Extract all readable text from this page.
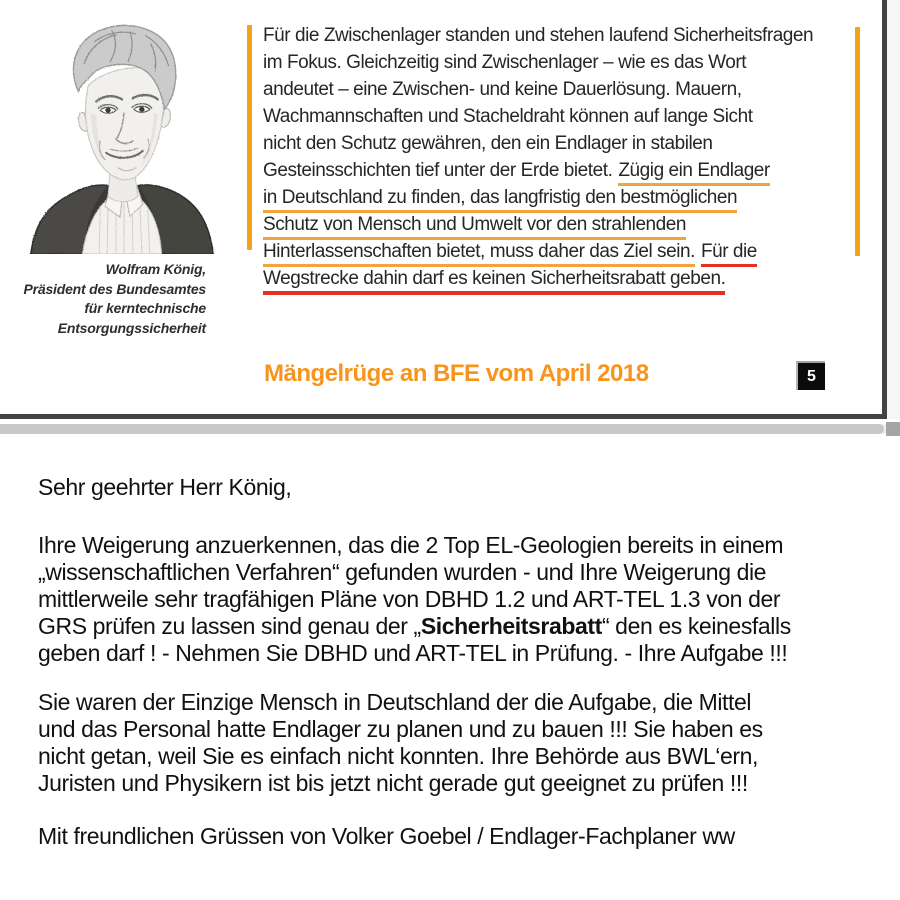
Wolfram König,
Präsident des Bundesamtes
für kerntechnische
Entsorgungssicherheit
Für die Zwischenlager standen und stehen laufend Sicherheitsfragen
im Fokus. Gleichzeitig sind Zwischenlager – wie es das Wort
andeutet – eine Zwischen- und keine Dauerlösung. Mauern,
Wachmannschaften und Stacheldraht können auf lange Sicht
nicht den Schutz gewähren, den ein Endlager in stabilen
Gesteinsschichten tief unter der Erde bietet. Zügig ein Endlager
in Deutschland zu finden, das langfristig den bestmöglichen
Schutz von Mensch und Umwelt vor den strahlenden
Hinterlassenschaften bietet, muss daher das Ziel sein. Für die
Wegstrecke dahin darf es keinen Sicherheitsrabatt geben.
Mängelrüge an BFE vom April 2018	5
Sehr geehrter Herr König,
Ihre Weigerung anzuerkennen, das die 2 Top EL-Geologien bereits in einem
„wissenschaftlichen Verfahren“ gefunden wurden - und Ihre Weigerung die
mittlerweile sehr tragfähigen Pläne von DBHD 1.2 und ART-TEL 1.3 von der
GRS prüfen zu lassen sind genau der „Sicherheitsrabatt“ den es keinesfalls
geben darf ! - Nehmen Sie DBHD und ART-TEL in Prüfung. - Ihre Aufgabe !!!
Sie waren der Einzige Mensch in Deutschland der die Aufgabe, die Mittel
und das Personal hatte Endlager zu planen und zu bauen !!! Sie haben es
nicht getan, weil Sie es einfach nicht konnten. Ihre Behörde aus BWL‘ern,
Juristen und Physikern ist bis jetzt nicht gerade gut geeignet zu prüfen !!!
Mit freundlichen Grüssen von Volker Goebel / Endlager-Fachplaner ww
